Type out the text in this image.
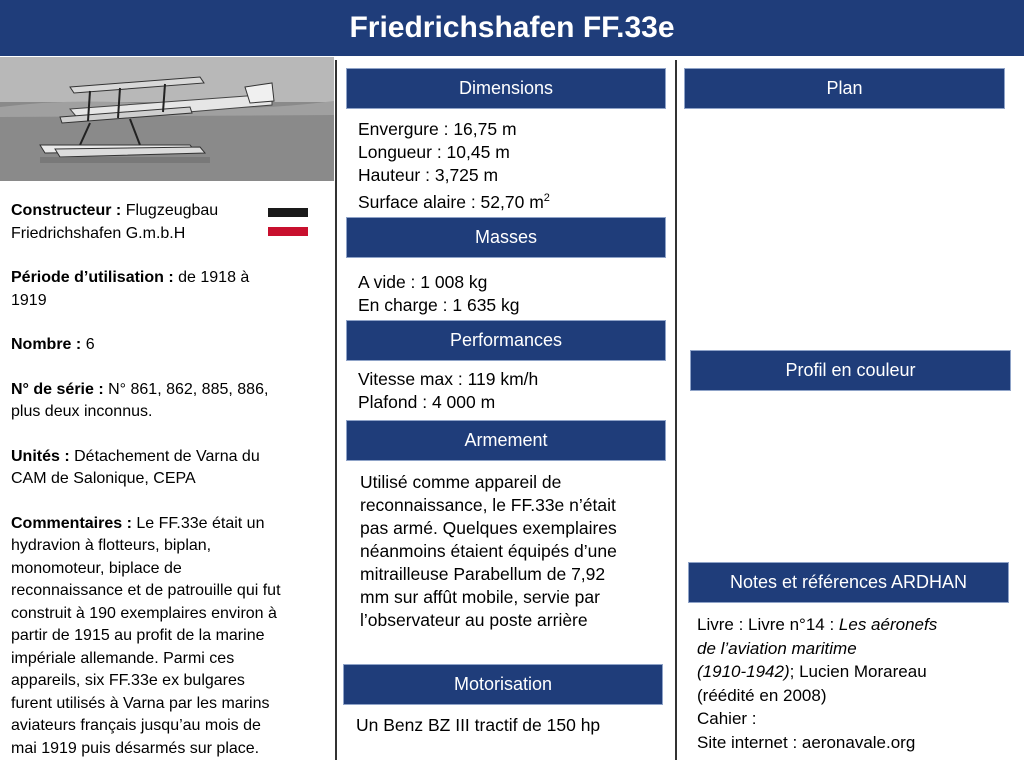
Friedrichshafen FF.33e

Constructeur : Flugzeugbau
Friedrichshafen G.m.b.H

Période d’utilisation : de 1918 à
1919

Nombre : 6

N° de série : N° 861, 862, 885, 886,
plus deux inconnus.

Unités : Détachement de Varna du
CAM de Salonique, CEPA

Commentaires : Le FF.33e était un
hydravion à flotteurs, biplan,
monomoteur, biplace de
reconnaissance et de patrouille qui fut
construit à 190 exemplaires environ à
partir de 1915 au profit de la marine
impériale allemande. Parmi ces
appareils, six FF.33e ex bulgares
furent utilisés à Varna par les marins
aviateurs français jusqu’au mois de
mai 1919 puis désarmés sur place.

Dimensions
Envergure : 16,75 m
Longueur : 10,45 m
Hauteur : 3,725 m
Surface alaire : 52,70 $m^2$
Masses
A vide : 1 008 kg
En charge : 1 635 kg
Performances
Vitesse max : 119 km/h
Plafond : 4 000 m
Armement
Utilisé comme appareil de
reconnaissance, le FF.33e n’était
pas armé. Quelques exemplaires
néanmoins étaient équipés d’une
mitrailleuse Parabellum de 7,92
mm sur affût mobile, servie par
l’observateur au poste arrière
Motorisation
Un Benz BZ III tractif de 150 hp
Plan
Profil en couleur
Notes et références ARDHAN
Livre : Livre n°14 : Les aéronefs
de l’aviation maritime
(1910-1942); Lucien Morareau
(réédité en 2008)
Cahier :
Site internet : aeronavale.org
